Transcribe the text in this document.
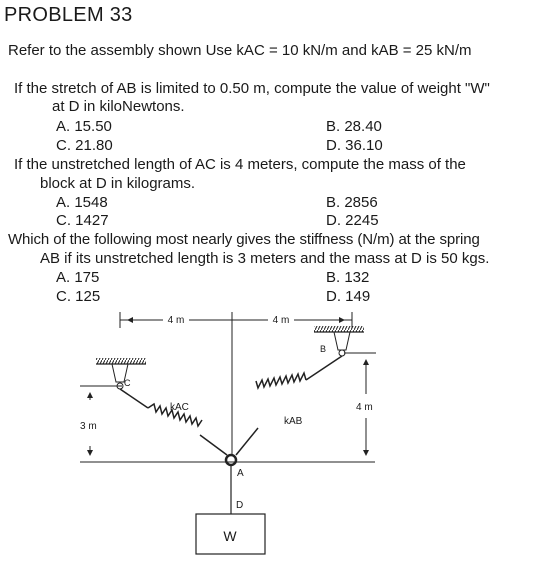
PROBLEM 33
Refer to the assembly shown Use kAC = 10 kN/m and kAB = 25 kN/m
If the stretch of AB is limited to 0.50 m, compute the value of weight "W"
at D in kiloNewtons.
A. 15.50	B. 28.40
C. 21.80	D. 36.10
If the unstretched length of AC is 4 meters, compute the mass of the
block at D in kilograms.
A. 1548	B. 2856
C. 1427	D. 2245
Which of the following most nearly gives the stiffness (N/m) at the spring
AB if its unstretched length is 3 meters and the mass at D is 50 kgs.
A. 175	B. 132
C. 125	D. 149
4 m	4 m
C
B
kAC
kAB
A
D
W
3 m
4 m
